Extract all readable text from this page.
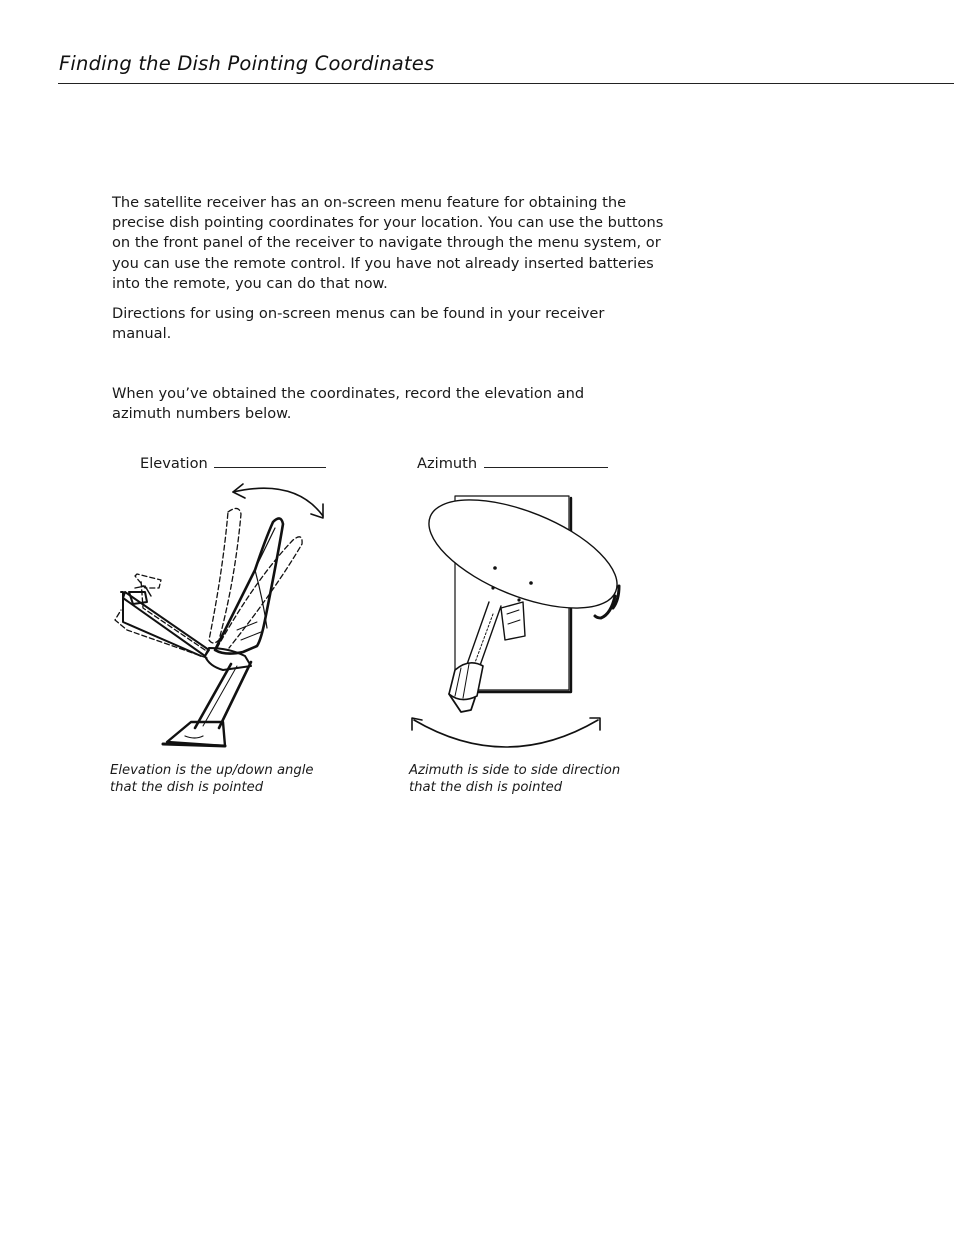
Finding the Dish Pointing Coordinates

The satellite receiver has an on-screen menu feature for obtaining the precise dish pointing coordinates for your location. You can use the buttons on the front panel of the receiver to navigate through the menu system, or you can use the remote control. If you have not already inserted batteries into the remote, you can do that now.

Directions for using on-screen menus can be found in your receiver manual.

When you’ve obtained the coordinates, record the elevation and azimuth numbers below.

Elevation	Azimuth

Elevation is the up/down angle
that the dish is pointed

Azimuth is side to side direction
that the dish is pointed
